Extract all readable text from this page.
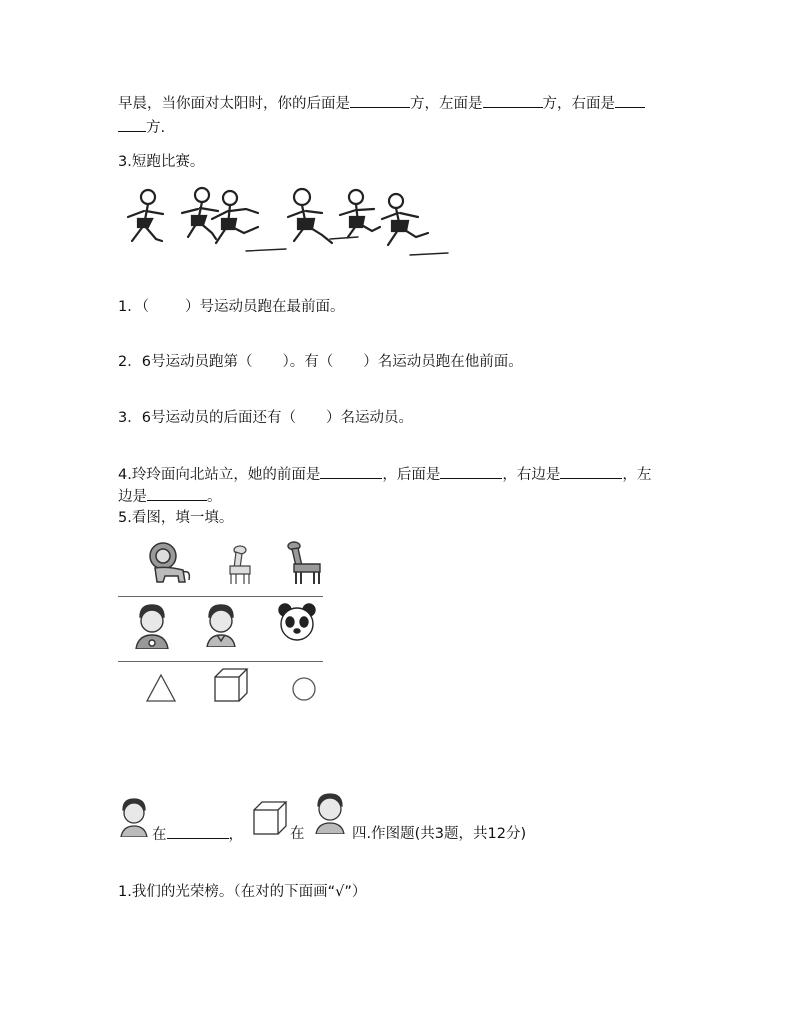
早晨，当你面对太阳时，你的后面是	方，左面是	方，右面是
方.
3.短跑比赛。
1．（ ）号运动员跑在最前面。
2．6号运动员跑第（ ）。有（ ）名运动员跑在他前面。
3．6号运动员的后面还有（ ）名运动员。
4.玲玲面向北站立，她的前面是	，后面是	，右边是	，左
边是	。
5.看图，填一填。
在	，	在	四.作图题(共3题，共12分)
1.我们的光荣榜。（在对的下面画“√”）
